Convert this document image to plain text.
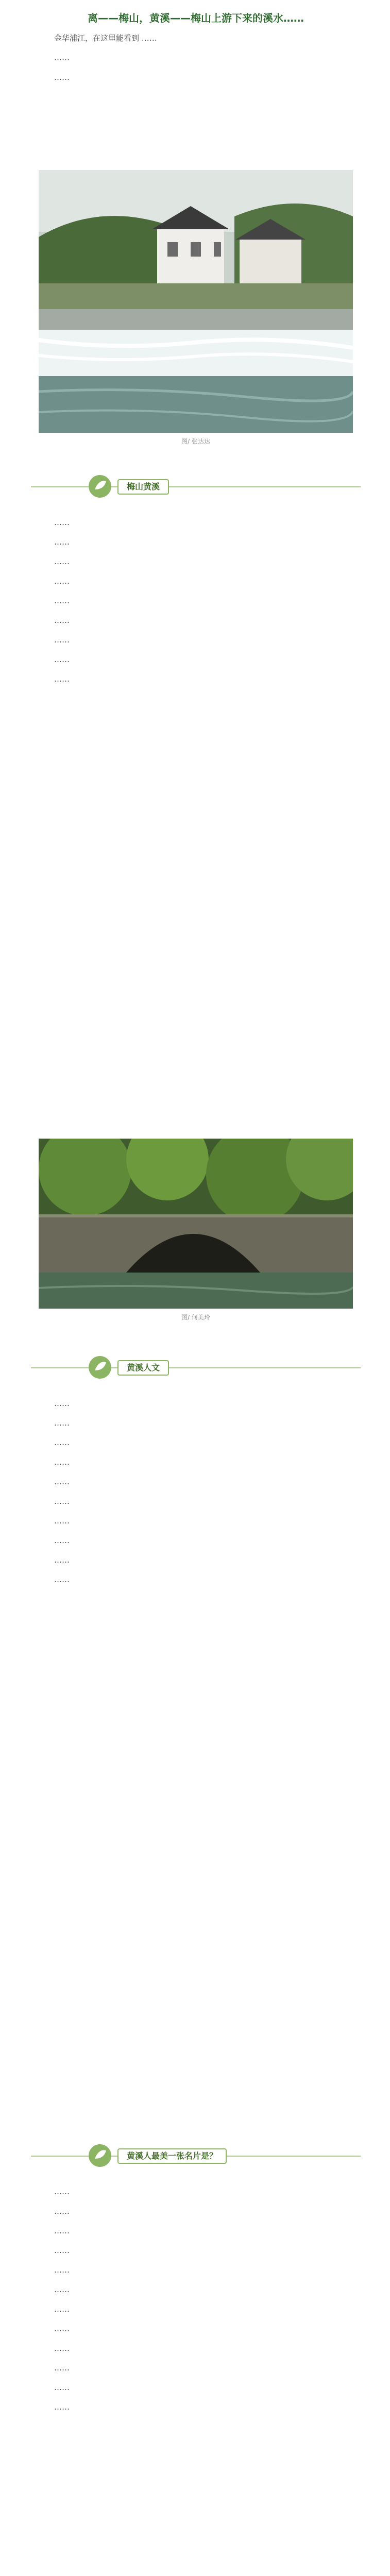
离——梅山，黄溪——梅山上游下来的溪水……

金华浦江，在这里能看到 ……

……

……

图/ 张达达
梅山黄溪

……

……

……

……

……

……

……

……

……

图/ 何美玲
黄溪人文

……

……

……

……

……

……

……

……

……

……

黄溪人最美一张名片是？

……

……

……

……

……

……

……

……

……

……

……

……
